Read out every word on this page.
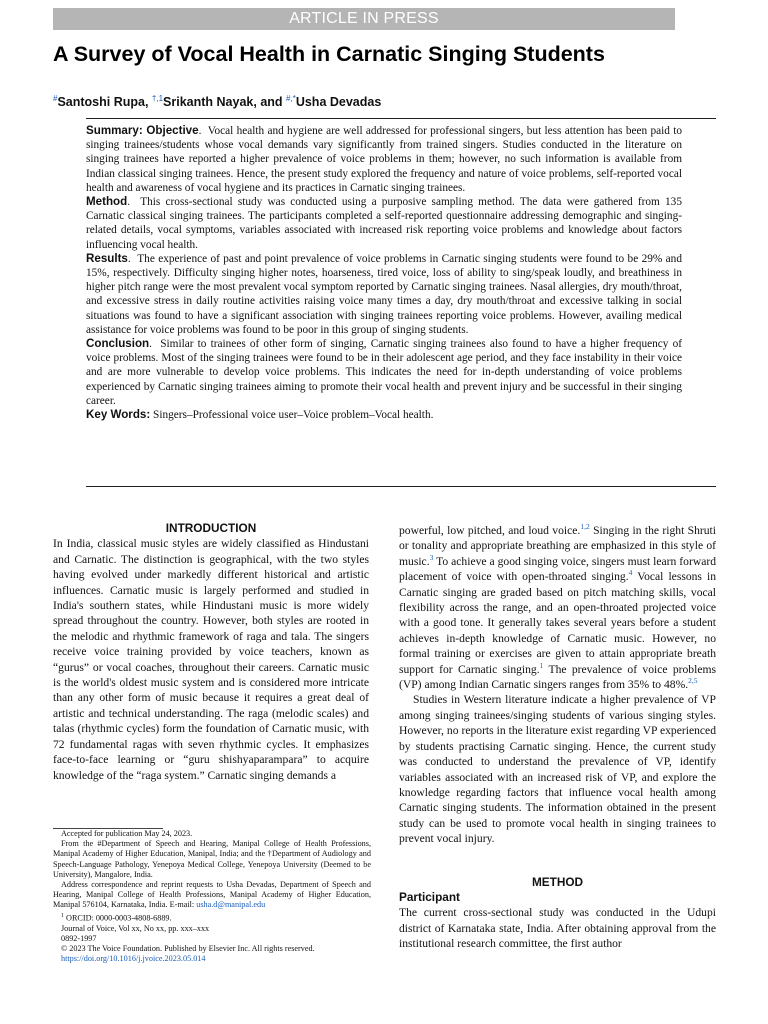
ARTICLE IN PRESS
A Survey of Vocal Health in Carnatic Singing Students
#Santoshi Rupa, $^{\dagger,1}$Srikanth Nayak, and #,*Usha Devadas

Summary: Objective.  Vocal health and hygiene are well addressed for professional singers, but less attention has been paid to singing trainees/students whose vocal demands vary significantly from trained singers. Studies conducted in the literature on singing trainees have reported a higher prevalence of voice problems in them; however, no such information is available from Indian classical singing trainees. Hence, the present study explored the frequency and nature of voice problems, self-reported vocal health and awareness of vocal hygiene and its practices in Carnatic singing trainees.

Method.  This cross-sectional study was conducted using a purposive sampling method. The data were gathered from 135 Carnatic classical singing trainees. The participants completed a self-reported questionnaire addressing demographic and singing-related details, vocal symptoms, variables associated with increased risk reporting voice problems and knowledge about factors influencing vocal health.

Results.  The experience of past and point prevalence of voice problems in Carnatic singing students were found to be 29% and 15%, respectively. Difficulty singing higher notes, hoarseness, tired voice, loss of ability to sing/speak loudly, and breathiness in higher pitch range were the most prevalent vocal symptom reported by Carnatic singing trainees. Nasal allergies, dry mouth/throat, and excessive stress in daily routine activities raising voice many times a day, dry mouth/throat and excessive talking in social situations was found to have a significant association with singing trainees reporting voice problems. However, availing medical assistance for voice problems was found to be poor in this group of singing students.

Conclusion.  Similar to trainees of other form of singing, Carnatic singing trainees also found to have a higher frequency of voice problems. Most of the singing trainees were found to be in their adolescent age period, and they face instability in their voice and are more vulnerable to develop voice problems. This indicates the need for in-depth understanding of voice problems experienced by Carnatic singing trainees aiming to promote their vocal health and prevent injury and be successful in their singing career.

Key Words: Singers–Professional voice user–Voice problem–Vocal health.

INTRODUCTION

In India, classical music styles are widely classified as Hindustani and Carnatic. The distinction is geographical, with the two styles having evolved under markedly different historical and artistic influences. Carnatic music is largely performed and studied in India's southern states, while Hindustani music is more widely spread throughout the country. However, both styles are rooted in the melodic and rhythmic framework of raga and tala. The singers receive voice training provided by voice teachers, known as “gurus” or vocal coaches, throughout their careers. Carnatic music is the world's oldest music system and is considered more intricate than any other form of music because it requires a great deal of artistic and technical understanding. The raga (melodic scales) and talas (rhythmic cycles) form the foundation of Carnatic music, with 72 fundamental ragas with seven rhythmic cycles. It emphasizes face-to-face learning or “guru shishyaparampara” to acquire knowledge of the “raga system.” Carnatic singing demands a

powerful, low pitched, and loud voice.$^{1,2}$ Singing in the right Shruti or tonality and appropriate breathing are emphasized in this style of music.$^3$ To achieve a good singing voice, singers must learn forward placement of voice with open-throated singing.$^4$ Vocal lessons in Carnatic singing are graded based on pitch matching skills, vocal flexibility across the range, and an open-throated projected voice with a good tone. It generally takes several years before a student achieves in-depth knowledge of Carnatic music. However, no formal training or exercises are given to attain appropriate breath support for Carnatic singing.$^1$ The prevalence of voice problems (VP) among Indian Carnatic singers ranges from 35% to 48%.$^{2,5}$

Studies in Western literature indicate a higher prevalence of VP among singing trainees/singing students of various singing styles. However, no reports in the literature exist regarding VP experienced by students practising Carnatic singing. Hence, the current study was conducted to understand the prevalence of VP, identify variables associated with an increased risk of VP, and explore the knowledge regarding factors that influence vocal health among Carnatic singing students. The information obtained in the present study can be used to promote vocal health in singing trainees to prevent vocal injury.

METHOD

Participant

The current cross-sectional study was conducted in the Udupi district of Karnataka state, India. After obtaining approval from the institutional research committee, the first author

Accepted for publication May 24, 2023.
From the #Department of Speech and Hearing, Manipal College of Health Professions, Manipal Academy of Higher Education, Manipal, India; and the †Department of Audiology and Speech-Language Pathology, Yenepoya Medical College, Yenepoya University (Deemed to be University), Mangalore, India.
Address correspondence and reprint requests to Usha Devadas, Department of Speech and Hearing, Manipal College of Health Professions, Manipal Academy of Higher Education, Manipal 576104, Karnataka, India. E-mail: usha.d@manipal.edu
$^1$ ORCID: 0000-0003-4808-6889.
Journal of Voice, Vol xx, No xx, pp. xxx–xxx
0892-1997
© 2023 The Voice Foundation. Published by Elsevier Inc. All rights reserved.
https://doi.org/10.1016/j.jvoice.2023.05.014
